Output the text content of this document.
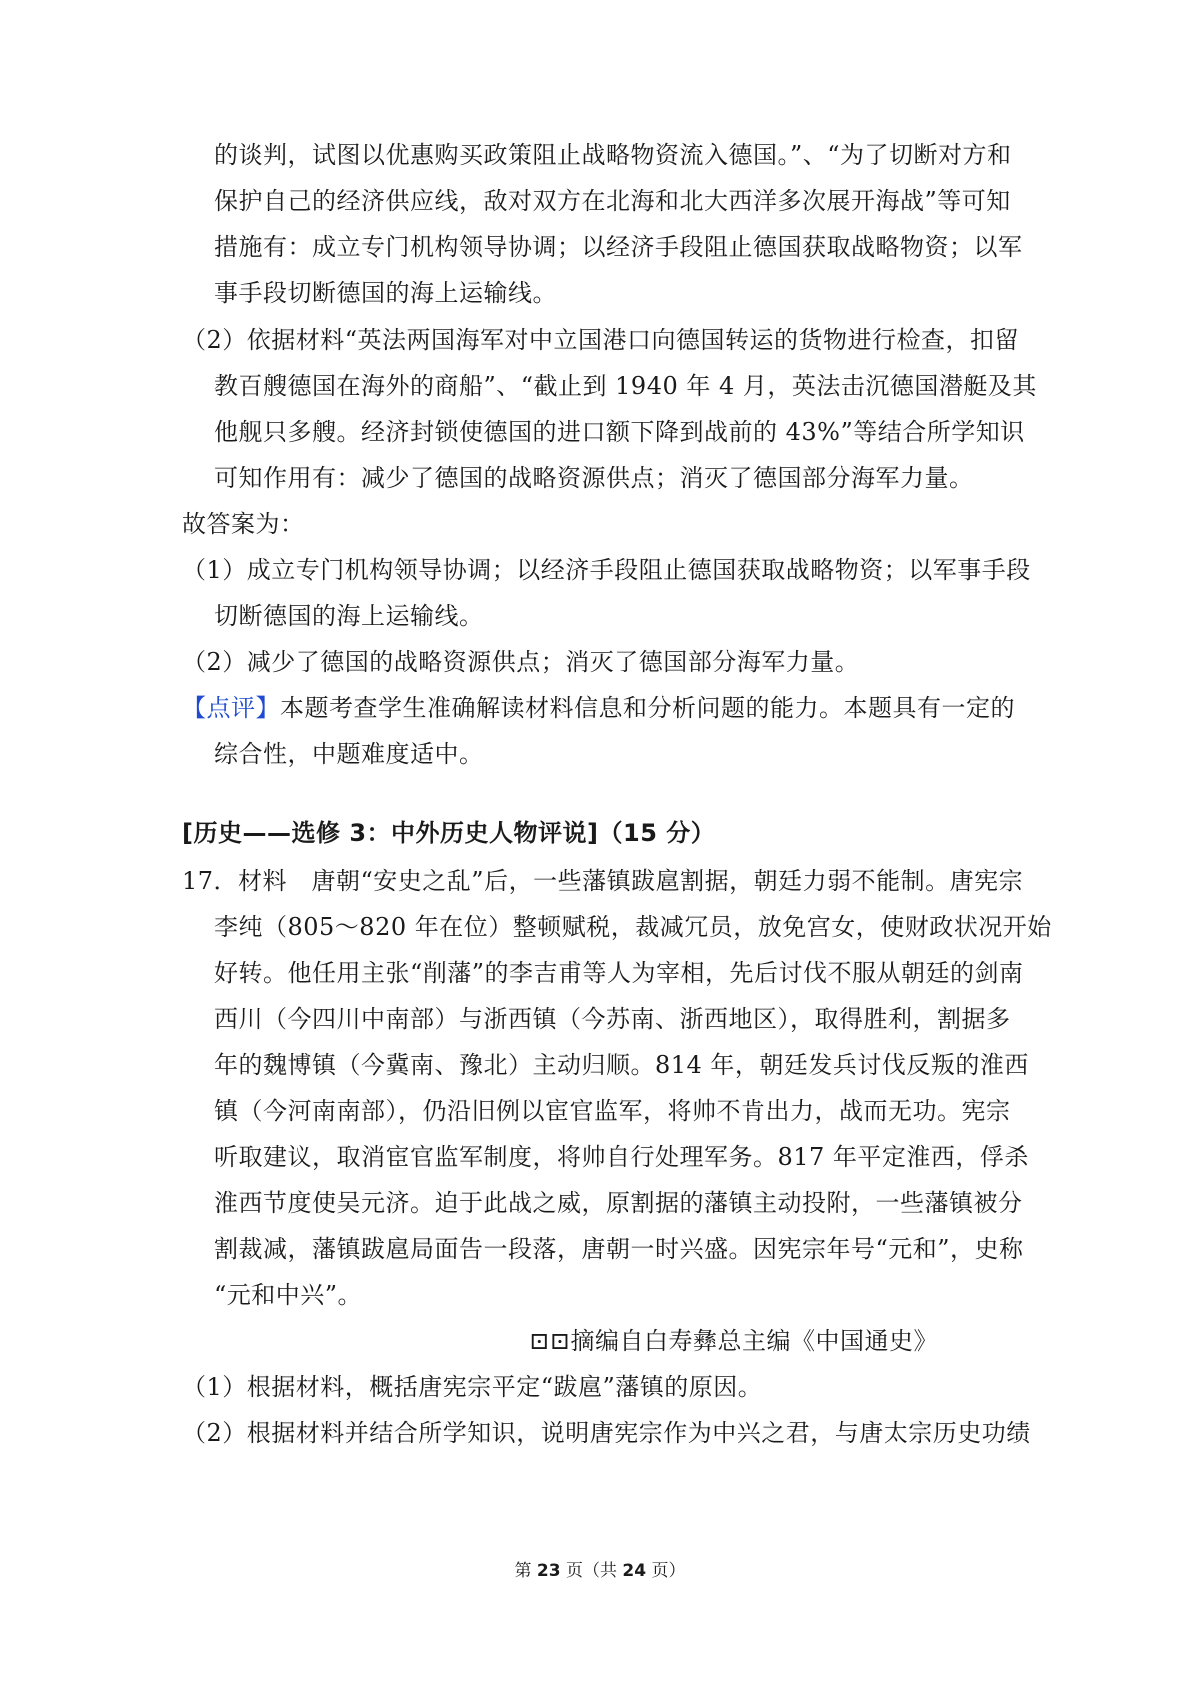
的谈判，试图以优惠购买政策阻止战略物资流入德国。”、“为了切断对方和
保护自己的经济供应线，敌对双方在北海和北大西洋多次展开海战”等可知
措施有：成立专门机构领导协调；以经济手段阻止德国获取战略物资；以军
事手段切断德国的海上运输线。
（2）依据材料“英法两国海军对中立国港口向德国转运的货物进行检查，扣留
教百艘德国在海外的商船”、“截止到 1940 年 4 月，英法击沉德国潜艇及其
他舰只多艘。经济封锁使德国的进口额下降到战前的 43%”等结合所学知识
可知作用有：减少了德国的战略资源供点；消灭了德国部分海军力量。
故答案为：
（1）成立专门机构领导协调；以经济手段阻止德国获取战略物资；以军事手段
切断德国的海上运输线。
（2）减少了德国的战略资源供点；消灭了德国部分海军力量。
【点评】本题考查学生准确解读材料信息和分析问题的能力。本题具有一定的
综合性，中题难度适中。
[历史——选修 3：中外历史人物评说]（15 分）
17．材料　唐朝“安史之乱”后，一些藩镇跋扈割据，朝廷力弱不能制。唐宪宗
李纯（805～820 年在位）整顿赋税，裁减冗员，放免宫女，使财政状况开始
好转。他任用主张“削藩”的李吉甫等人为宰相，先后讨伐不服从朝廷的剑南
西川（今四川中南部）与浙西镇（今苏南、浙西地区），取得胜利，割据多
年的魏博镇（今冀南、豫北）主动归顺。814 年，朝廷发兵讨伐反叛的淮西
镇（今河南南部），仍沿旧例以宦官监军，将帅不肯出力，战而无功。宪宗
听取建议，取消宦官监军制度，将帅自行处理军务。817 年平定淮西，俘杀
淮西节度使吴元济。迫于此战之威，原割据的藩镇主动投附，一些藩镇被分
割裁减，藩镇跋扈局面告一段落，唐朝一时兴盛。因宪宗年号“元和”，史称
“元和中兴”。
⊡⊡摘编自白寿彝总主编《中国通史》
（1）根据材料，概括唐宪宗平定“跋扈”藩镇的原因。
（2）根据材料并结合所学知识，说明唐宪宗作为中兴之君，与唐太宗历史功绩
第 23 页（共 24 页）
